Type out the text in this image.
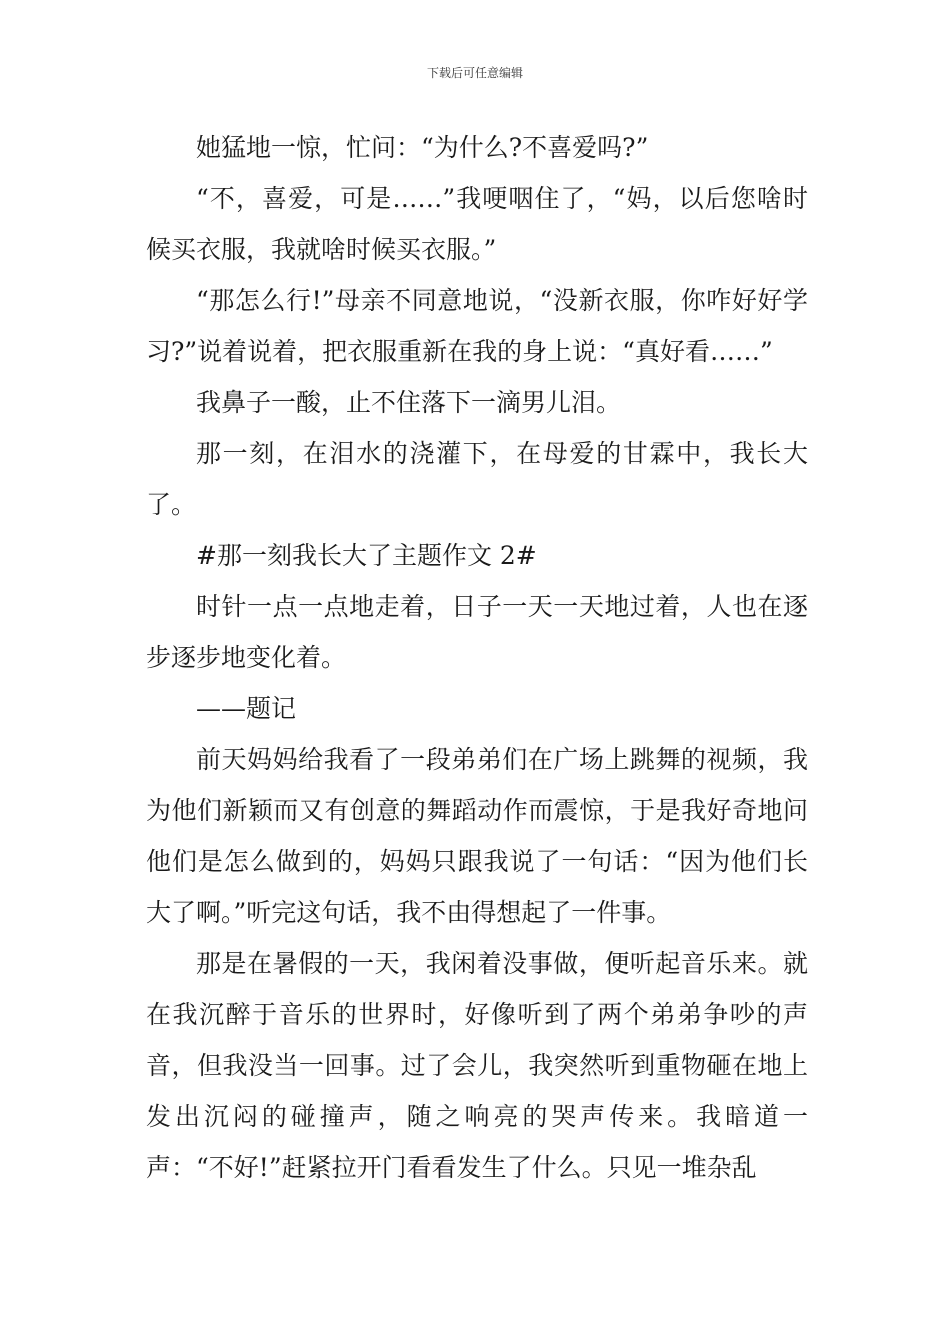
下载后可任意编辑

她猛地一惊，忙问：“为什么?不喜爱吗?”

“不，喜爱，可是……”我哽咽住了，“妈，以后您啥时候买衣服，我就啥时候买衣服。”

“那怎么行!”母亲不同意地说，“没新衣服，你咋好好学习?”说着说着，把衣服重新在我的身上说：“真好看……”

我鼻子一酸，止不住落下一滴男儿泪。

那一刻，在泪水的浇灌下，在母爱的甘霖中，我长大了。

#那一刻我长大了主题作文 2#

时针一点一点地走着，日子一天一天地过着，人也在逐步逐步地变化着。

——题记

前天妈妈给我看了一段弟弟们在广场上跳舞的视频，我为他们新颖而又有创意的舞蹈动作而震惊，于是我好奇地问他们是怎么做到的，妈妈只跟我说了一句话：“因为他们长大了啊。”听完这句话，我不由得想起了一件事。

那是在暑假的一天，我闲着没事做，便听起音乐来。就在我沉醉于音乐的世界时，好像听到了两个弟弟争吵的声音，但我没当一回事。过了会儿，我突然听到重物砸在地上发出沉闷的碰撞声，随之响亮的哭声传来。我暗道一声：“不好!”赶紧拉开门看看发生了什么。只见一堆杂乱
